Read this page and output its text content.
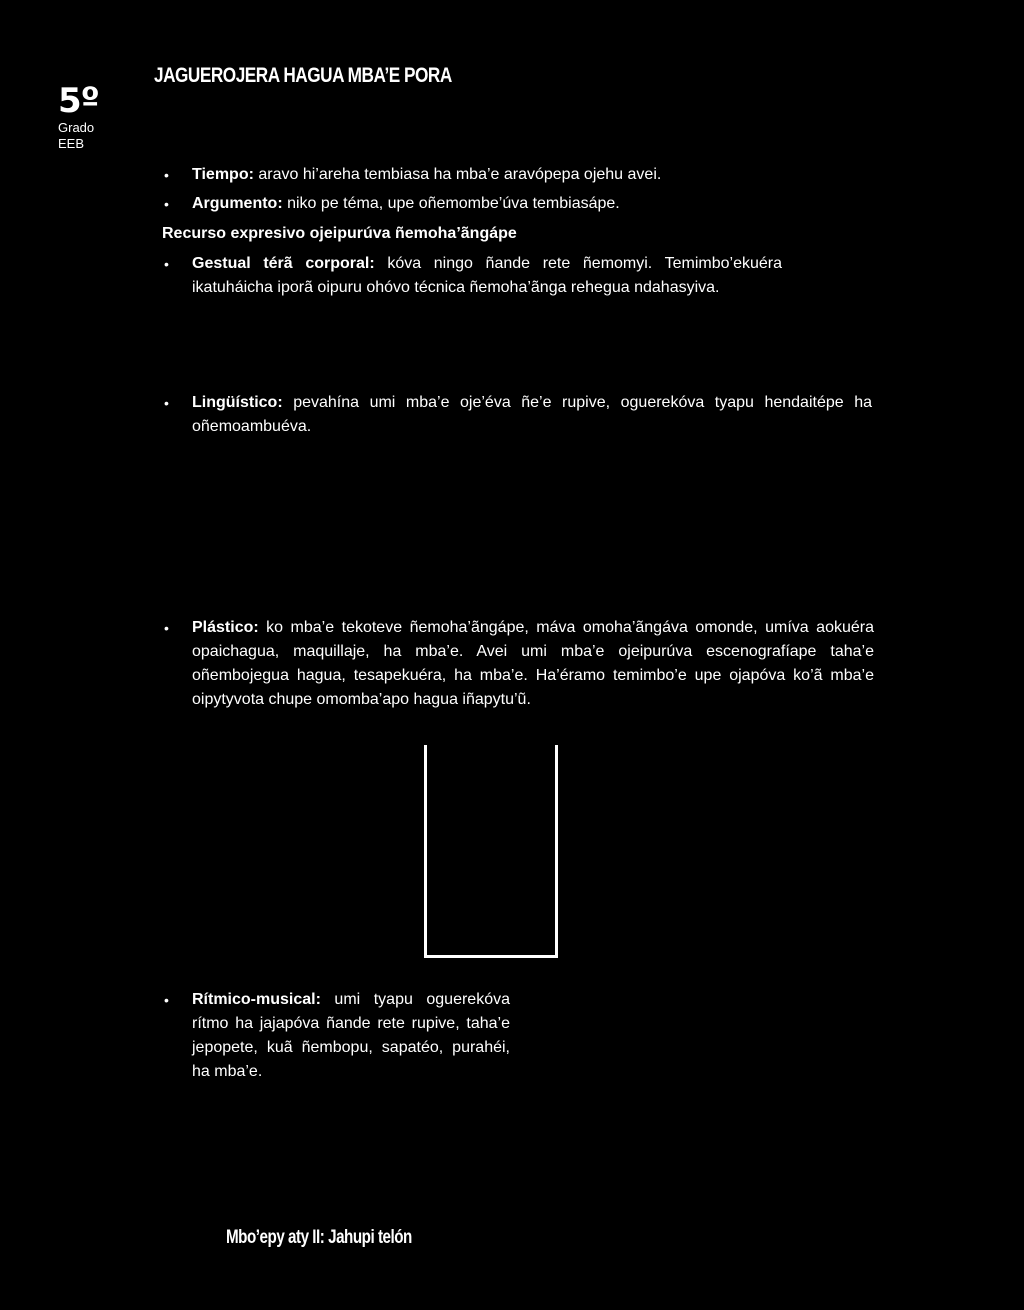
5º
Grado
EEB
JAGUEROJERA HAGUA MBA’E PORA
• Tiempo: aravo hi’areha tembiasa ha mba’e aravópepa ojehu avei.
• Argumento: niko pe téma, upe oñemombe’úva tembiasápe.
Recurso expresivo ojeipurúva ñemoha’ãngápe
• Gestual térã corporal: kóva ningo ñande rete ñemomyi. Temimbo’ekuéra ikatuháicha iporã oipuru ohóvo técnica ñemoha’ãnga rehegua ndahasyiva.
• Lingüístico: pevahína umi mba’e oje’éva ñe’e rupive, oguerekóva tyapu hendaitépe ha oñemoambuéva.
• Plástico: ko mba’e tekoteve ñemoha’ãngápe, máva omoha’ãngáva omonde, umíva aokuéra opaichagua, maquillaje, ha mba’e. Avei umi mba’e ojeipurúva escenografíape taha’e oñembojegua hagua, tesapekuéra, ha mba’e. Ha’éramo temimbo’e upe ojapóva ko’ã mba’e oipytyvota chupe omomba’apo hagua iñapytu’ũ.
• Rítmico-musical: umi tyapu oguerekóva rítmo ha jajapóva ñande rete rupive, taha’e jepopete, kuã ñembopu, sapatéo, purahéi, ha mba’e.
Mbo’epy aty II: Jahupi telón
